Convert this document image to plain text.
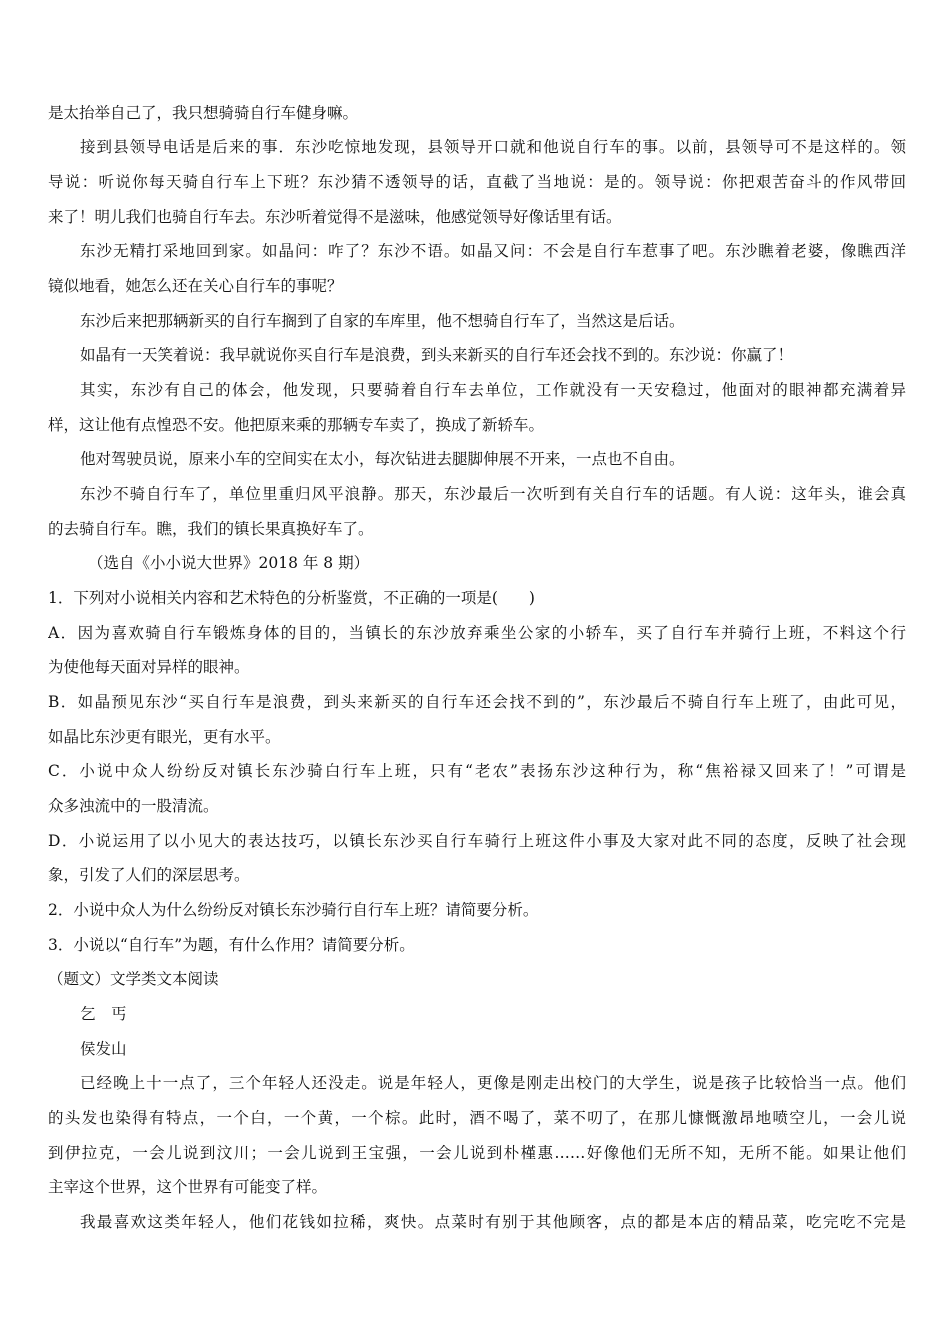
是太抬举自己了，我只想骑骑自行车健身嘛。
接到县领导电话是后来的事．东沙吃惊地发现，县领导开口就和他说自行车的事。以前，县领导可不是这样的。领
导说：听说你每天骑自行车上下班？东沙猜不透领导的话，直截了当地说：是的。领导说：你把艰苦奋斗的作风带回
来了！明儿我们也骑自行车去。东沙听着觉得不是滋味，他感觉领导好像话里有话。
东沙无精打采地回到家。如晶问：咋了？东沙不语。如晶又问：不会是自行车惹事了吧。东沙瞧着老婆，像瞧西洋
镜似地看，她怎么还在关心自行车的事呢？
东沙后来把那辆新买的自行车搁到了自家的车库里，他不想骑自行车了，当然这是后话。
如晶有一天笑着说：我早就说你买自行车是浪费，到头来新买的自行车还会找不到的。东沙说：你赢了！
其实，东沙有自己的体会，他发现，只要骑着自行车去单位，工作就没有一天安稳过，他面对的眼神都充满着异
样，这让他有点惶恐不安。他把原来乘的那辆专车卖了，换成了新轿车。
他对驾驶员说，原来小车的空间实在太小，每次钻进去腿脚伸展不开来，一点也不自由。
东沙不骑自行车了，单位里重归风平浪静。那天，东沙最后一次听到有关自行车的话题。有人说：这年头，谁会真
的去骑自行车。瞧，我们的镇长果真换好车了。
（选自《小小说大世界》2018 年 8 期）
1．下列对小说相关内容和艺术特色的分析鉴赏，不正确的一项是(　　)
A．因为喜欢骑自行车锻炼身体的目的，当镇长的东沙放弃乘坐公家的小轿车，买了自行车并骑行上班，不料这个行
为使他每天面对异样的眼神。
B．如晶预见东沙“买自行车是浪费，到头来新买的自行车还会找不到的”，东沙最后不骑自行车上班了，由此可见，
如晶比东沙更有眼光，更有水平。
C．小说中众人纷纷反对镇长东沙骑白行车上班，只有“老农”表扬东沙这种行为，称“焦裕禄又回来了！”可谓是
众多浊流中的一股清流。
D．小说运用了以小见大的表达技巧，以镇长东沙买自行车骑行上班这件小事及大家对此不同的态度，反映了社会现
象，引发了人们的深层思考。
2．小说中众人为什么纷纷反对镇长东沙骑行自行车上班？请简要分析。
3．小说以“自行车”为题，有什么作用？请简要分析。
（题文）文学类文本阅读
乞　丐
侯发山
已经晚上十一点了，三个年轻人还没走。说是年轻人，更像是刚走出校门的大学生，说是孩子比较恰当一点。他们
的头发也染得有特点，一个白，一个黄，一个棕。此时，酒不喝了，菜不叨了，在那儿慷慨激昂地喷空儿，一会儿说
到伊拉克，一会儿说到汶川；一会儿说到王宝强，一会儿说到朴槿惠……好像他们无所不知，无所不能。如果让他们
主宰这个世界，这个世界有可能变了样。
我最喜欢这类年轻人，他们花钱如拉稀，爽快。点菜时有别于其他顾客，点的都是本店的精品菜，吃完吃不完是
